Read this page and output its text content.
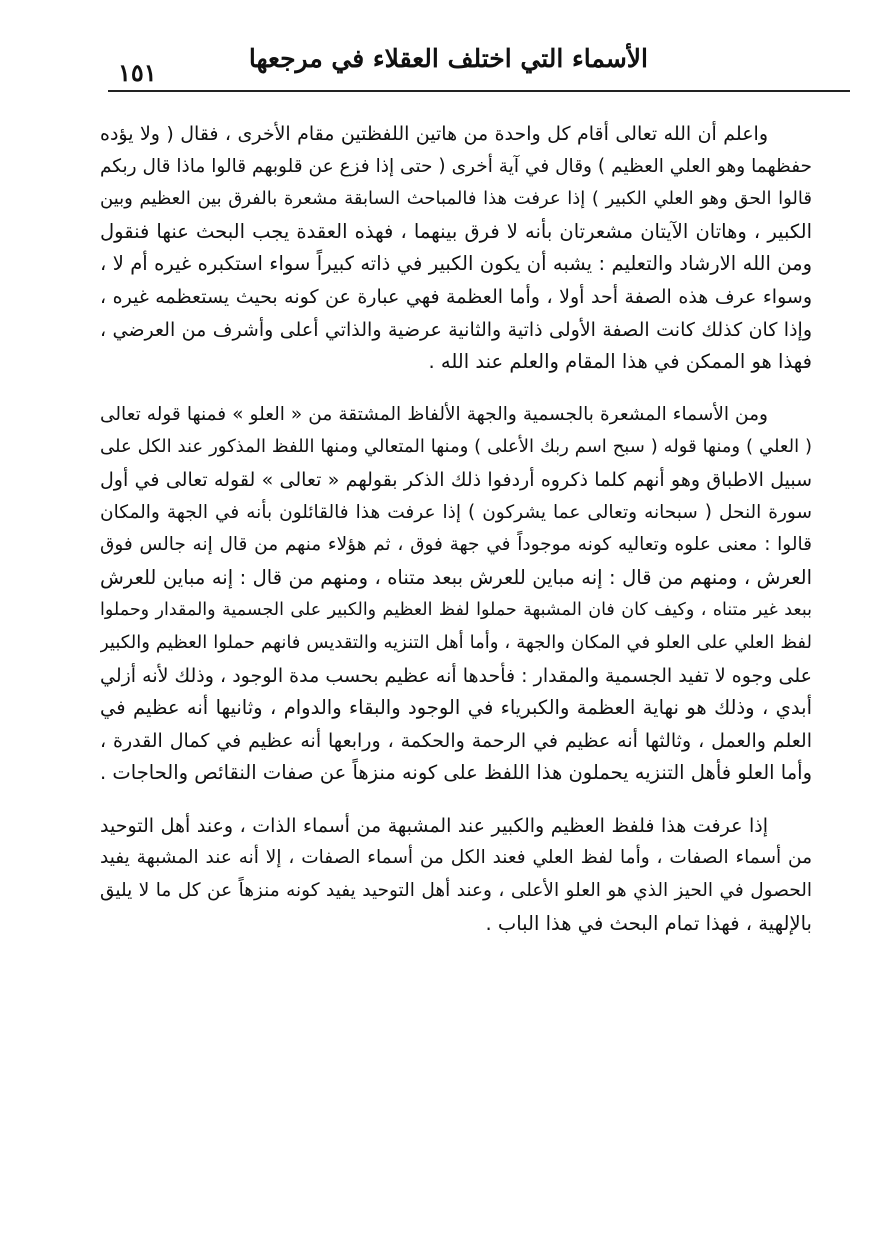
الأسماء التي اختلف العقلاء في مرجعها
١٥١
واعلم أن الله تعالى أقام كل واحدة من هاتين اللفظتين مقام الأخرى ، فقال ( ولا يؤده
حفظهما وهو العلي العظيم ) وقال في آية أخرى ( حتى إذا فزع عن قلوبهم قالوا ماذا قال ربكم
قالوا الحق وهو العلي الكبير ) إذا عرفت هذا فالمباحث السابقة مشعرة بالفرق بين العظيم وبين
الكبير ، وهاتان الآيتان مشعرتان بأنه لا فرق بينهما ، فهذه العقدة يجب البحث عنها فنقول
ومن الله الارشاد والتعليم : يشبه أن يكون الكبير في ذاته كبيراً سواء استكبره غيره أم لا ،
وسواء عرف هذه الصفة أحد أولا ، وأما العظمة فهي عبارة عن كونه بحيث يستعظمه غيره ،
وإذا كان كذلك كانت الصفة الأولى ذاتية والثانية عرضية والذاتي أعلى وأشرف من العرضي ،
فهذا هو الممكن في هذا المقام والعلم عند الله .
ومن الأسماء المشعرة بالجسمية والجهة الألفاظ المشتقة من « العلو » فمنها قوله تعالى
( العلي ) ومنها قوله ( سبح اسم ربك الأعلى ) ومنها المتعالي ومنها اللفظ المذكور عند الكل على
سبيل الاطباق وهو أنهم كلما ذكروه أردفوا ذلك الذكر بقولهم « تعالى » لقوله تعالى في أول
سورة النحل ( سبحانه وتعالى عما يشركون ) إذا عرفت هذا فالقائلون بأنه في الجهة والمكان
قالوا : معنى علوه وتعاليه كونه موجوداً في جهة فوق ، ثم هؤلاء منهم من قال إنه جالس فوق
العرش ، ومنهم من قال : إنه مباين للعرش ببعد متناه ، ومنهم من قال : إنه مباين للعرش
ببعد غير متناه ، وكيف كان فان المشبهة حملوا لفظ العظيم والكبير على الجسمية والمقدار وحملوا
لفظ العلي على العلو في المكان والجهة ، وأما أهل التنزيه والتقديس فانهم حملوا العظيم والكبير
على وجوه لا تفيد الجسمية والمقدار : فأحدها أنه عظيم بحسب مدة الوجود ، وذلك لأنه أزلي
أبدي ، وذلك هو نهاية العظمة والكبرياء في الوجود والبقاء والدوام ، وثانيها أنه عظيم في
العلم والعمل ، وثالثها أنه عظيم في الرحمة والحكمة ، ورابعها أنه عظيم في كمال القدرة ،
وأما العلو فأهل التنزيه يحملون هذا اللفظ على كونه منزهاً عن صفات النقائص والحاجات .
إذا عرفت هذا فلفظ العظيم والكبير عند المشبهة من أسماء الذات ، وعند أهل التوحيد
من أسماء الصفات ، وأما لفظ العلي فعند الكل من أسماء الصفات ، إلا أنه عند المشبهة يفيد
الحصول في الحيز الذي هو العلو الأعلى ، وعند أهل التوحيد يفيد كونه منزهاً عن كل ما لا يليق
بالإلهية ، فهذا تمام البحث في هذا الباب .
